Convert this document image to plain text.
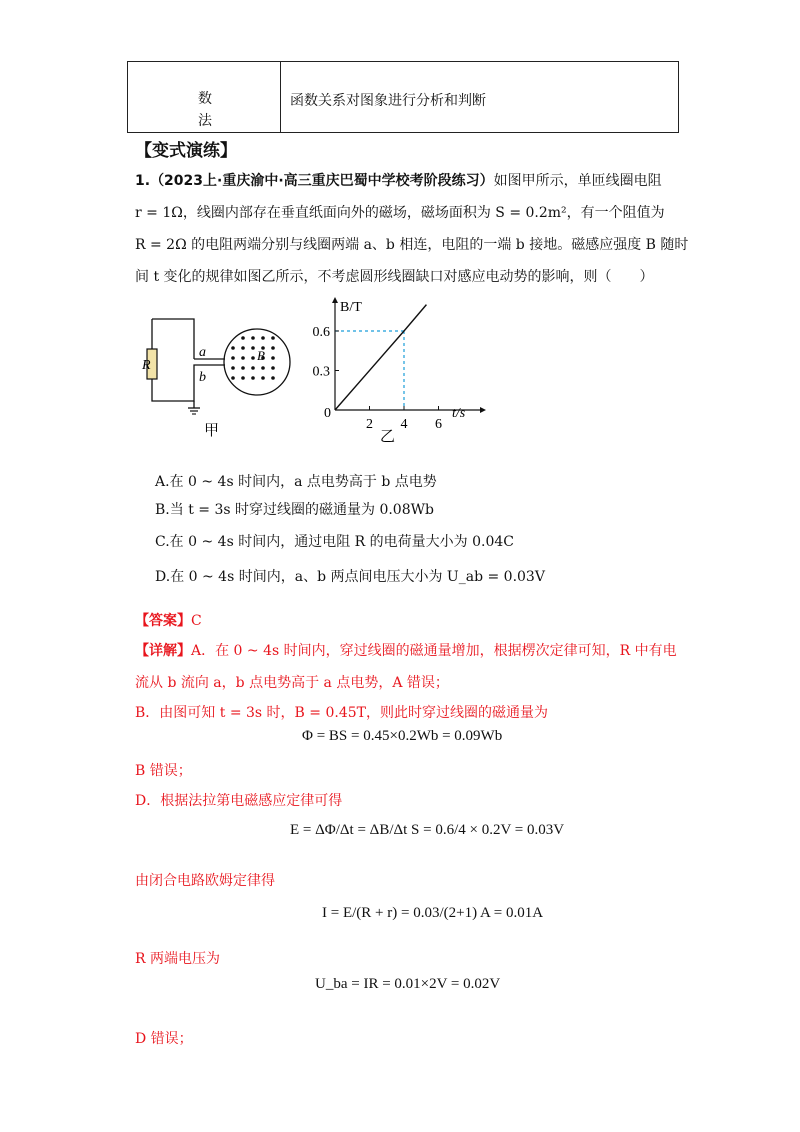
数
法
函数关系对图象进行分析和判断
【变式演练】
1.（2023上·重庆渝中·高三重庆巴蜀中学校考阶段练习）如图甲所示，单匝线圈电阻
r = 1Ω，线圈内部存在垂直纸面向外的磁场，磁场面积为 S = 0.2m²，有一个阻值为
R = 2Ω 的电阻两端分别与线圈两端 a、b 相连，电阻的一端 b 接地。磁感应强度 B 随时
间 t 变化的规律如图乙所示，不考虑圆形线圈缺口对感应电动势的影响，则（　　）
R
a
b
B
甲
0.3
0.6
2 4 6
B/T
t/s
0
乙
A.在 0 ~ 4s 时间内，a 点电势高于 b 点电势
B.当 t = 3s 时穿过线圈的磁通量为 0.08Wb
C.在 0 ~ 4s 时间内，通过电阻 R 的电荷量大小为 0.04C
D.在 0 ~ 4s 时间内，a、b 两点间电压大小为 U_ab = 0.03V
【答案】C
【详解】A．在 0 ~ 4s 时间内，穿过线圈的磁通量增加，根据楞次定律可知，R 中有电
流从 b 流向 a，b 点电势高于 a 点电势，A 错误；
B．由图可知 t = 3s 时，B = 0.45T，则此时穿过线圈的磁通量为
Φ = BS = 0.45×0.2Wb = 0.09Wb
B 错误；
D．根据法拉第电磁感应定律可得
E = ΔΦ/Δt = ΔB/Δt S = 0.6/4 × 0.2V = 0.03V
由闭合电路欧姆定律得
I = E/(R + r) = 0.03/(2+1) A = 0.01A
R 两端电压为
U_ba = IR = 0.01×2V = 0.02V
D 错误；
